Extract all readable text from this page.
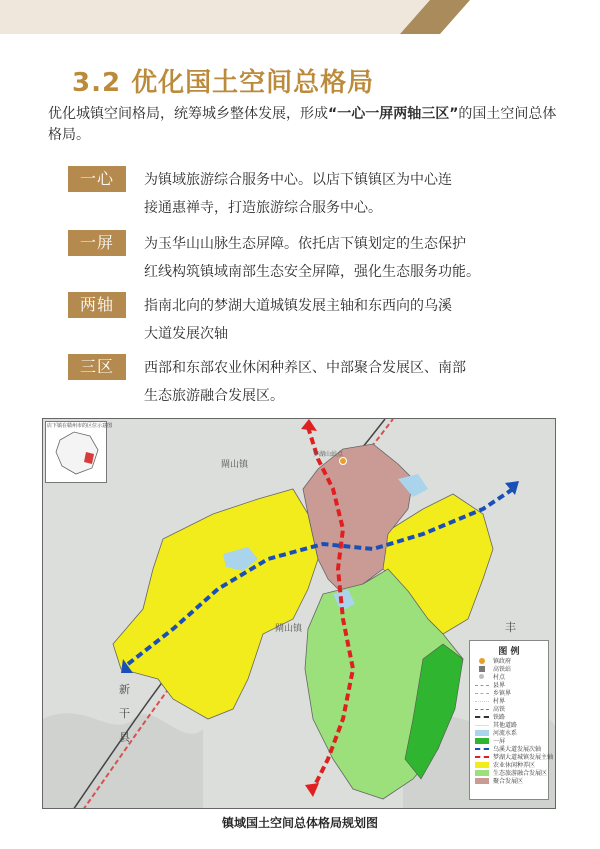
3.2 优化国土空间总格局
优化城镇空间格局，统筹城乡整体发展，形成“一心一屏两轴三区”的国土空间总体格局。
一心	为镇域旅游综合服务中心。以店下镇镇区为中心连
接通惠禅寺，打造旅游综合服务中心。
一屏	为玉华山山脉生态屏障。依托店下镇划定的生态保护
红线构筑镇域南部生态安全屏障，强化生态服务功能。
两轴	指南北向的梦湖大道城镇发展主轴和东西向的乌溪
大道发展次轴
三区	西部和东部农业休闲种养区、中部聚合发展区、南部
生态旅游融合发展区。
店下镇在赣州市的区位示意图
閘山镇
閘山镇
梦湖山站点
新
干
县
丰
图 例
镇政府
高铁站
村点
县界
乡镇界
村界
高铁
铁路
其他道路
河流水系
一屏
乌溪大道发展次轴
梦湖大道城镇发展主轴
农业休闲种养区
生态旅游融合发展区
聚合发展区
镇域国土空间总体格局规划图
